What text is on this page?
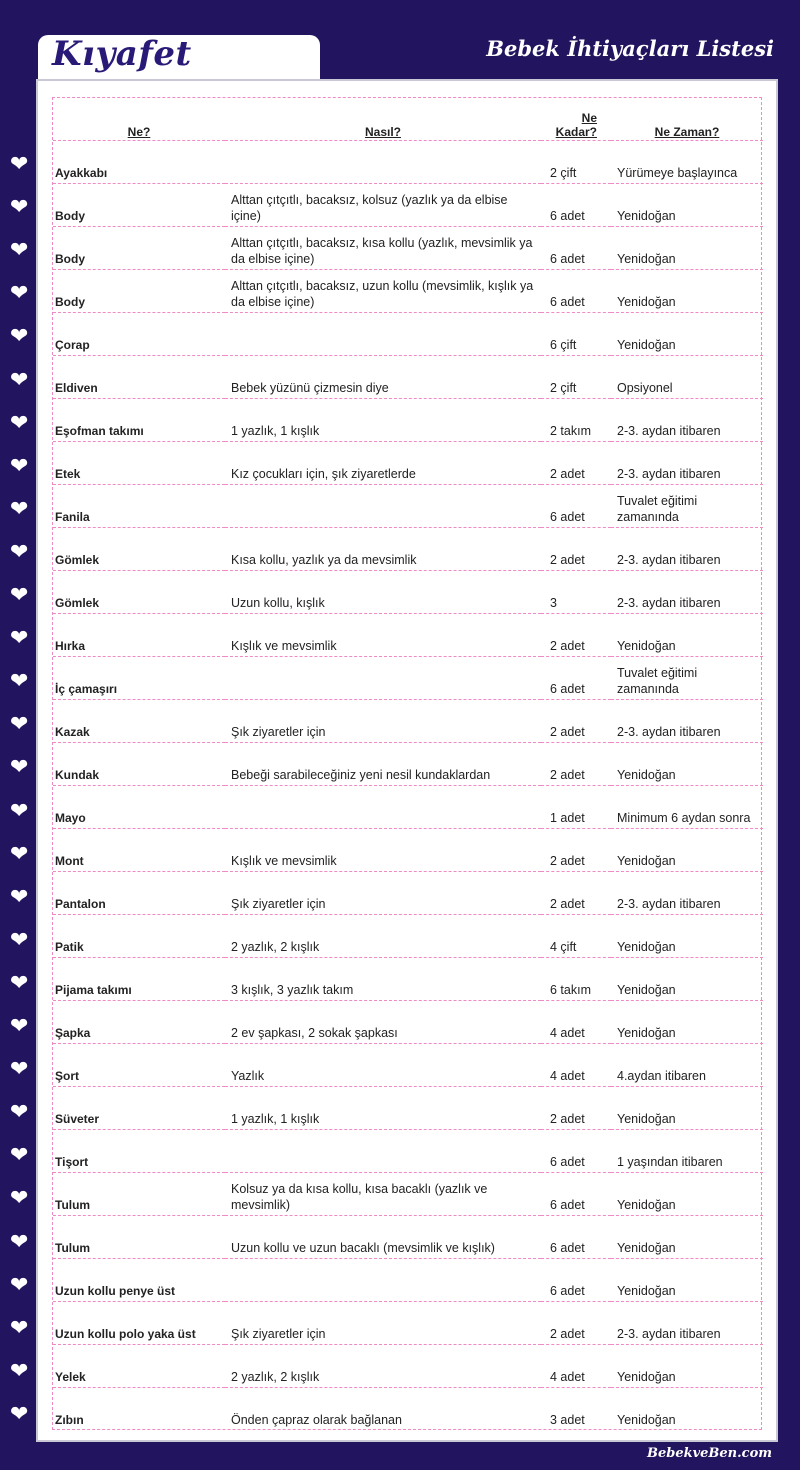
Kıyafet	Bebek İhtiyaçları Listesi
❤
❤
❤
❤
❤
❤
❤
❤
❤
❤
❤
❤
❤
❤
❤
❤
❤
❤
❤
❤
❤
❤
❤
❤
❤
❤
❤
❤
❤
❤
Ne?	Nasıl?	Ne Kadar?	Ne Zaman?
Ayakkabı		2 çift	Yürümeye başlayınca
Body	Alttan çıtçıtlı, bacaksız, kolsuz (yazlık ya da elbise içine)	6 adet	Yenidoğan
Body	Alttan çıtçıtlı, bacaksız, kısa kollu (yazlık, mevsimlik ya da elbise içine)	6 adet	Yenidoğan
Body	Alttan çıtçıtlı, bacaksız, uzun kollu (mevsimlik, kışlık ya da elbise içine)	6 adet	Yenidoğan
Çorap		6 çift	Yenidoğan
Eldiven	Bebek yüzünü çizmesin diye	2 çift	Opsiyonel
Eşofman takımı	1 yazlık, 1 kışlık	2 takım	2-3. aydan itibaren
Etek	Kız çocukları için, şık ziyaretlerde	2 adet	2-3. aydan itibaren
Fanila		6 adet	Tuvalet eğitimi zamanında
Gömlek	Kısa kollu, yazlık ya da mevsimlik	2 adet	2-3. aydan itibaren
Gömlek	Uzun kollu, kışlık	3	2-3. aydan itibaren
Hırka	Kışlık ve mevsimlik	2 adet	Yenidoğan
İç çamaşırı		6 adet	Tuvalet eğitimi zamanında
Kazak	Şık ziyaretler için	2 adet	2-3. aydan itibaren
Kundak	Bebeği sarabileceğiniz yeni nesil kundaklardan	2 adet	Yenidoğan
Mayo		1 adet	Minimum 6 aydan sonra
Mont	Kışlık ve mevsimlik	2 adet	Yenidoğan
Pantalon	Şık ziyaretler için	2 adet	2-3. aydan itibaren
Patik	2 yazlık, 2 kışlık	4 çift	Yenidoğan
Pijama takımı	3 kışlık, 3 yazlık takım	6 takım	Yenidoğan
Şapka	2 ev şapkası, 2 sokak şapkası	4 adet	Yenidoğan
Şort	Yazlık	4 adet	4.aydan itibaren
Süveter	1 yazlık, 1 kışlık	2 adet	Yenidoğan
Tişort		6 adet	1 yaşından itibaren
Tulum	Kolsuz ya da kısa kollu, kısa bacaklı (yazlık ve mevsimlik)	6 adet	Yenidoğan
Tulum	Uzun kollu ve uzun bacaklı (mevsimlik ve kışlık)	6 adet	Yenidoğan
Uzun kollu penye üst		6 adet	Yenidoğan
Uzun kollu polo yaka üst	Şık ziyaretler için	2 adet	2-3. aydan itibaren
Yelek	2 yazlık, 2 kışlık	4 adet	Yenidoğan
Zıbın	Önden çapraz olarak bağlanan	3 adet	Yenidoğan
BebekveBen.com
